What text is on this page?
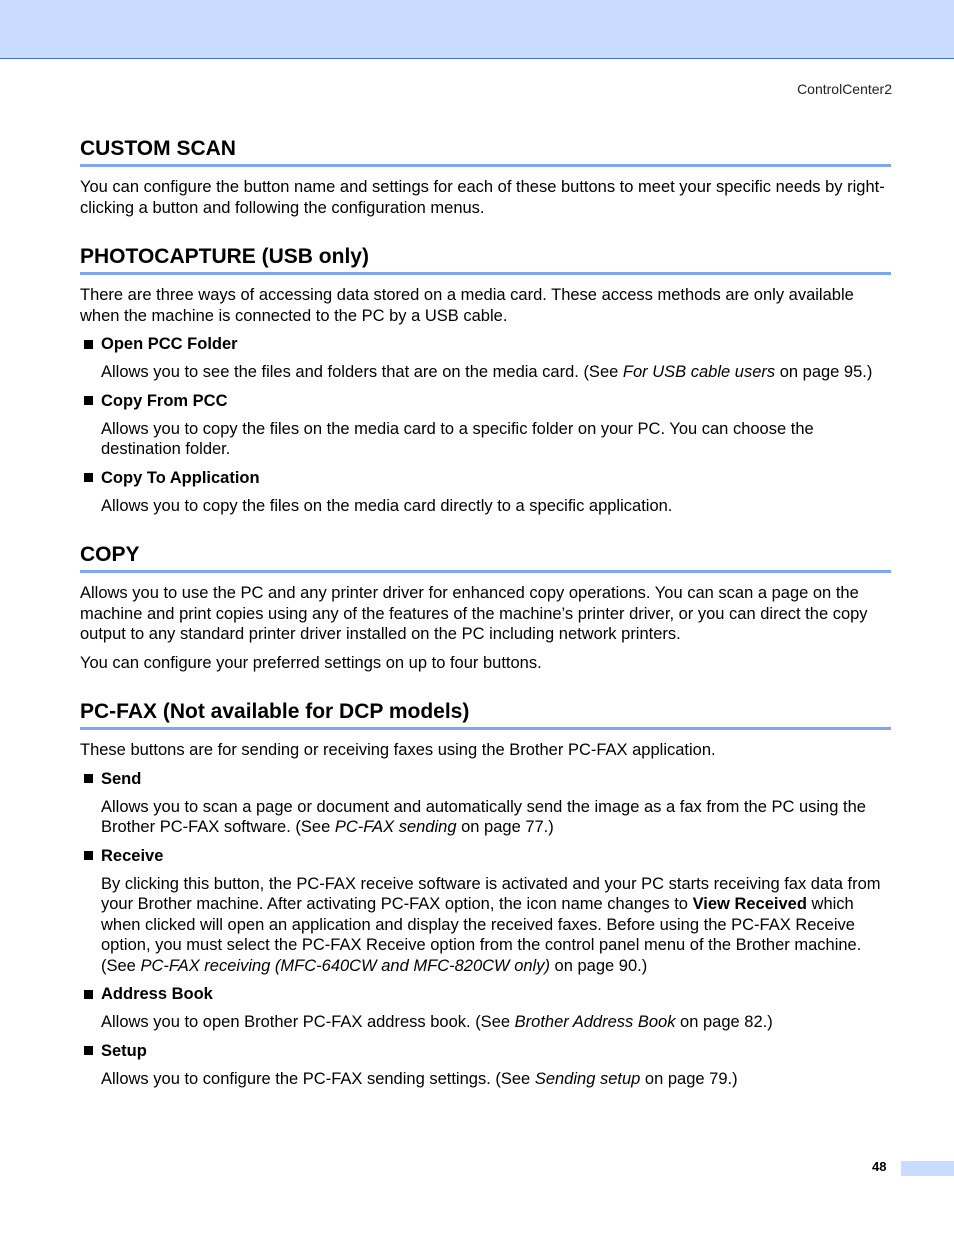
ControlCenter2
CUSTOM SCAN

You can configure the button name and settings for each of these buttons to meet your specific needs by right-clicking a button and following the configuration menus.

PHOTOCAPTURE (USB only)

There are three ways of accessing data stored on a media card. These access methods are only available when the machine is connected to the PC by a USB cable.

Open PCC Folder

Allows you to see the files and folders that are on the media card. (See For USB cable users on page 95.)

Copy From PCC

Allows you to copy the files on the media card to a specific folder on your PC. You can choose the destination folder.

Copy To Application

Allows you to copy the files on the media card directly to a specific application.

COPY

Allows you to use the PC and any printer driver for enhanced copy operations. You can scan a page on the machine and print copies using any of the features of the machine’s printer driver, or you can direct the copy output to any standard printer driver installed on the PC including network printers.

You can configure your preferred settings on up to four buttons.

PC-FAX (Not available for DCP models)

These buttons are for sending or receiving faxes using the Brother PC-FAX application.

Send

Allows you to scan a page or document and automatically send the image as a fax from the PC using the Brother PC-FAX software. (See PC-FAX sending on page 77.)

Receive

By clicking this button, the PC-FAX receive software is activated and your PC starts receiving fax data from your Brother machine. After activating PC-FAX option, the icon name changes to View Received which when clicked will open an application and display the received faxes. Before using the PC-FAX Receive option, you must select the PC-FAX Receive option from the control panel menu of the Brother machine. (See PC-FAX receiving (MFC-640CW and MFC-820CW only) on page 90.)

Address Book

Allows you to open Brother PC-FAX address book. (See Brother Address Book on page 82.)

Setup

Allows you to configure the PC-FAX sending settings. (See Sending setup on page 79.)

48
